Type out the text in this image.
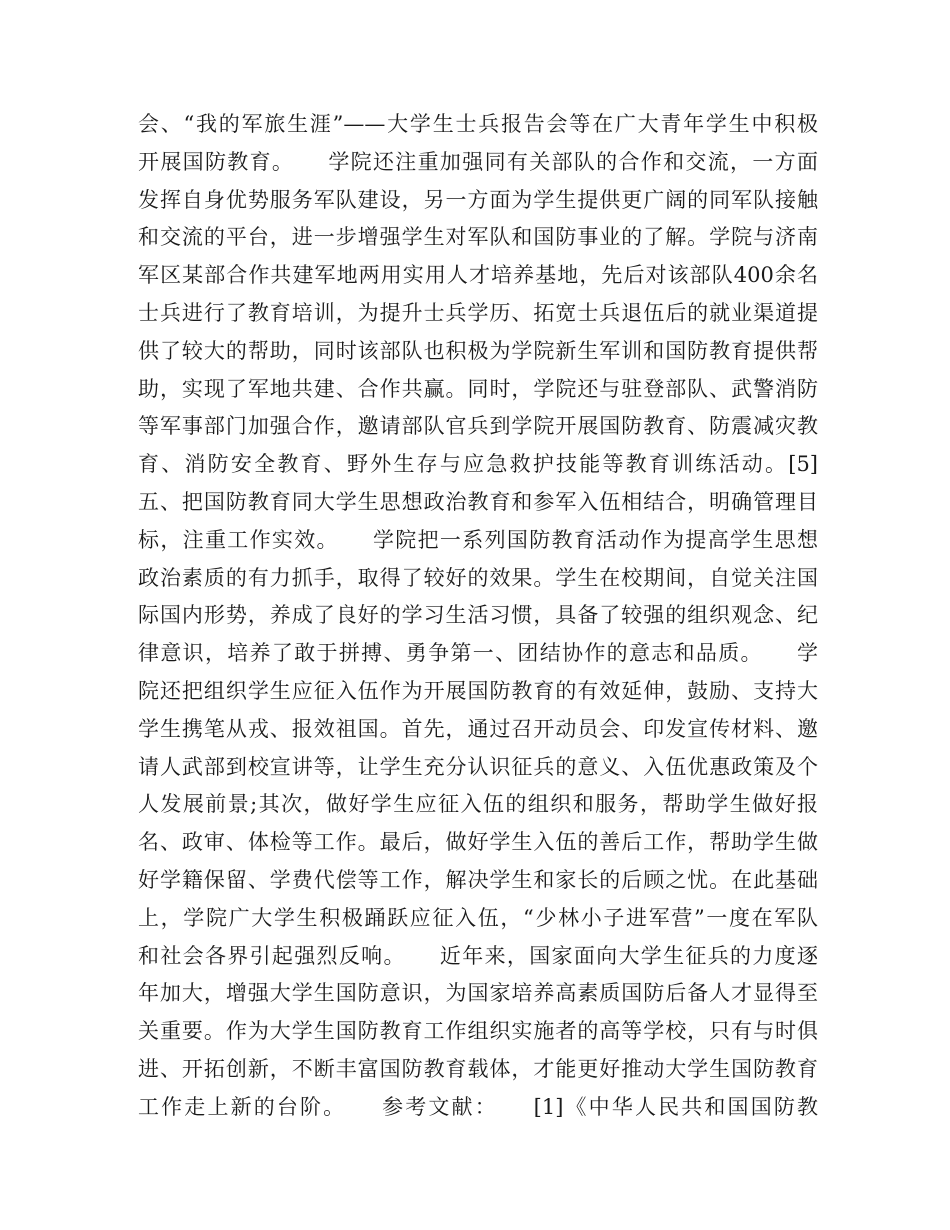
会、“我的军旅生涯”——大学生士兵报告会等在广大青年学生中积极
开展国防教育。　　学院还注重加强同有关部队的合作和交流，一方面
发挥自身优势服务军队建设，另一方面为学生提供更广阔的同军队接触
和交流的平台，进一步增强学生对军队和国防事业的了解。学院与济南
军区某部合作共建军地两用实用人才培养基地，先后对该部队400余名
士兵进行了教育培训，为提升士兵学历、拓宽士兵退伍后的就业渠道提
供了较大的帮助，同时该部队也积极为学院新生军训和国防教育提供帮
助，实现了军地共建、合作共赢。同时，学院还与驻登部队、武警消防
等军事部门加强合作，邀请部队官兵到学院开展国防教育、防震减灾教
育、消防安全教育、野外生存与应急救护技能等教育训练活动。[5]
五、把国防教育同大学生思想政治教育和参军入伍相结合，明确管理目
标，注重工作实效。　　学院把一系列国防教育活动作为提高学生思想
政治素质的有力抓手，取得了较好的效果。学生在校期间，自觉关注国
际国内形势，养成了良好的学习生活习惯，具备了较强的组织观念、纪
律意识，培养了敢于拼搏、勇争第一、团结协作的意志和品质。　　学
院还把组织学生应征入伍作为开展国防教育的有效延伸，鼓励、支持大
学生携笔从戎、报效祖国。首先，通过召开动员会、印发宣传材料、邀
请人武部到校宣讲等，让学生充分认识征兵的意义、入伍优惠政策及个
人发展前景;其次，做好学生应征入伍的组织和服务，帮助学生做好报
名、政审、体检等工作。最后，做好学生入伍的善后工作，帮助学生做
好学籍保留、学费代偿等工作，解决学生和家长的后顾之忧。在此基础
上，学院广大学生积极踊跃应征入伍，“少林小子进军营”一度在军队
和社会各界引起强烈反响。　　近年来，国家面向大学生征兵的力度逐
年加大，增强大学生国防意识，为国家培养高素质国防后备人才显得至
关重要。作为大学生国防教育工作组织实施者的高等学校，只有与时俱
进、开拓创新，不断丰富国防教育载体，才能更好推动大学生国防教育
工作走上新的台阶。　　参考文献：　　[1]《中华人民共和国国防教
